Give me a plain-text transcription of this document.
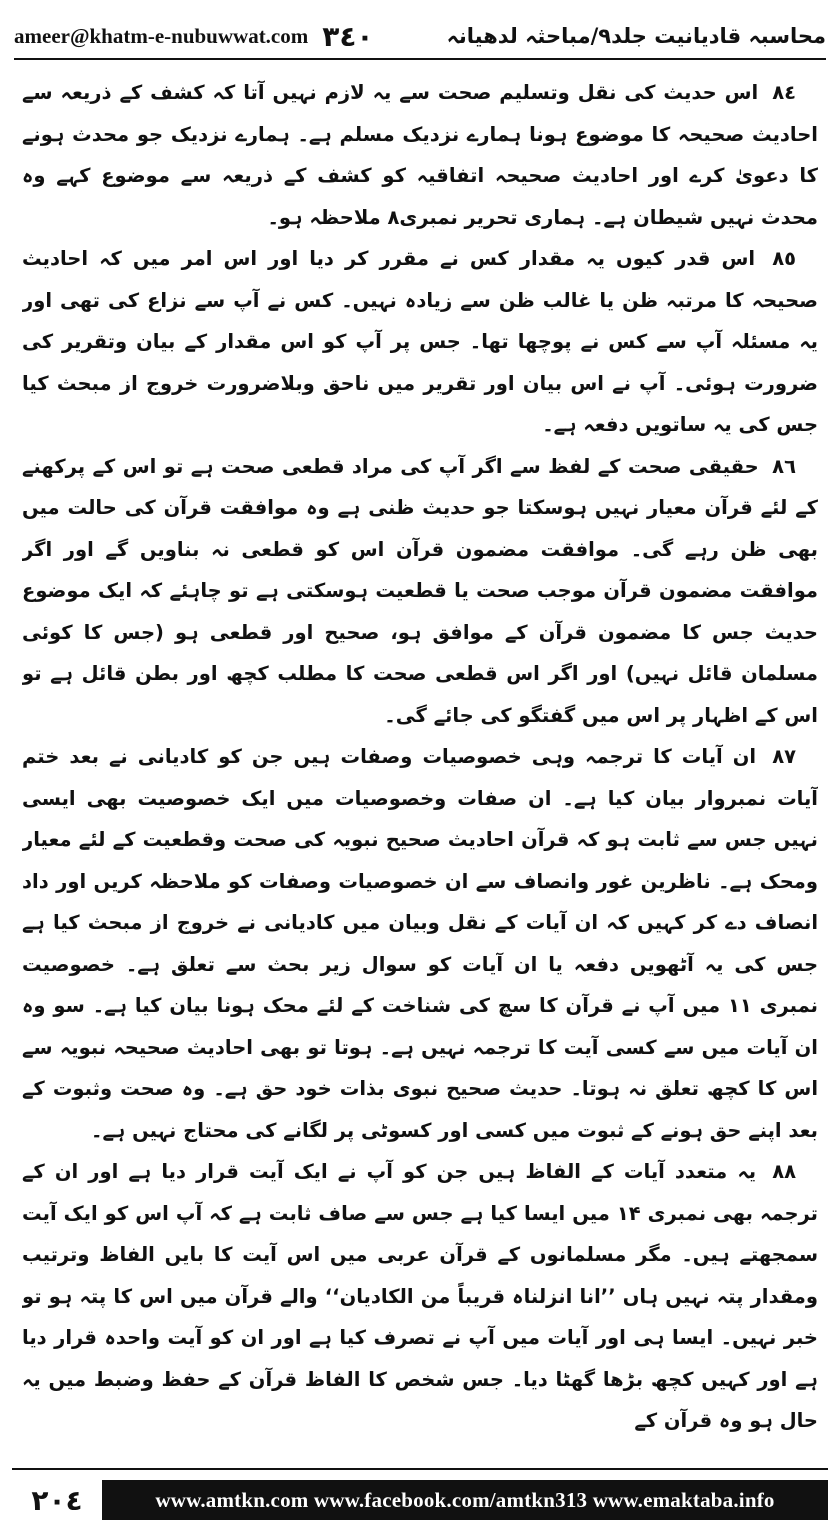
ameer@khatm-e-nubuwwat.com ٣٤٠	محاسبہ قادیانیت جلد۹/مباحثہ لدھیانہ

٨٤ اس حدیث کی نقل وتسلیم صحت سے یہ لازم نہیں آتا کہ کشف کے ذریعہ سے احادیث صحیحہ کا موضوع ہونا ہمارے نزدیک مسلم ہے۔ ہمارے نزدیک جو محدث ہونے کا دعویٰ کرے اور احادیث صحیحہ اتفاقیہ کو کشف کے ذریعہ سے موضوع کہے وہ محدث نہیں شیطان ہے۔ ہماری تحریر نمبری۸ ملاحظہ ہو۔

٨٥ اس قدر کیوں یہ مقدار کس نے مقرر کر دیا اور اس امر میں کہ احادیث صحیحہ کا مرتبہ ظن یا غالب ظن سے زیادہ نہیں۔ کس نے آپ سے نزاع کی تھی اور یہ مسئلہ آپ سے کس نے پوچھا تھا۔ جس پر آپ کو اس مقدار کے بیان وتقریر کی ضرورت ہوئی۔ آپ نے اس بیان اور تقریر میں ناحق وبلاضرورت خروج از مبحث کیا جس کی یہ ساتویں دفعہ ہے۔

٨٦ حقیقی صحت کے لفظ سے اگر آپ کی مراد قطعی صحت ہے تو اس کے پرکھنے کے لئے قرآن معیار نہیں ہوسکتا جو حدیث ظنی ہے وہ موافقت قرآن کی حالت میں بھی ظن رہے گی۔ موافقت مضمون قرآن اس کو قطعی نہ بناویں گے اور اگر موافقت مضمون قرآن موجب صحت یا قطعیت ہوسکتی ہے تو چاہئے کہ ایک موضوع حدیث جس کا مضمون قرآن کے موافق ہو، صحیح اور قطعی ہو (جس کا کوئی مسلمان قائل نہیں) اور اگر اس قطعی صحت کا مطلب کچھ اور بطن قائل ہے تو اس کے اظہار پر اس میں گفتگو کی جائے گی۔

٨٧ ان آیات کا ترجمہ وہی خصوصیات وصفات ہیں جن کو کادیانی نے بعد ختم آیات نمبروار بیان کیا ہے۔ ان صفات وخصوصیات میں ایک خصوصیت بھی ایسی نہیں جس سے ثابت ہو کہ قرآن احادیث صحیح نبویہ کی صحت وقطعیت کے لئے معیار ومحک ہے۔ ناظرین غور وانصاف سے ان خصوصیات وصفات کو ملاحظہ کریں اور داد انصاف دے کر کہیں کہ ان آیات کے نقل وبیان میں کادیانی نے خروج از مبحث کیا ہے جس کی یہ آٹھویں دفعہ یا ان آیات کو سوال زیر بحث سے تعلق ہے۔ خصوصیت نمبری ۱۱ میں آپ نے قرآن کا سچ کی شناخت کے لئے محک ہونا بیان کیا ہے۔ سو وہ ان آیات میں سے کسی آیت کا ترجمہ نہیں ہے۔ ہوتا تو بھی احادیث صحیحہ نبویہ سے اس کا کچھ تعلق نہ ہوتا۔ حدیث صحیح نبوی بذات خود حق ہے۔ وہ صحت وثبوت کے بعد اپنے حق ہونے کے ثبوت میں کسی اور کسوٹی پر لگانے کی محتاج نہیں ہے۔

٨٨ یہ متعدد آیات کے الفاظ ہیں جن کو آپ نے ایک آیت قرار دیا ہے اور ان کے ترجمہ بھی نمبری ۱۴ میں ایسا کیا ہے جس سے صاف ثابت ہے کہ آپ اس کو ایک آیت سمجھتے ہیں۔ مگر مسلمانوں کے قرآن عربی میں اس آیت کا بایں الفاظ وترتیب ومقدار پتہ نہیں ہاں ’’انا انزلناہ قریباً من الکادیان‘‘ والے قرآن میں اس کا پتہ ہو تو خبر نہیں۔ ایسا ہی اور آیات میں آپ نے تصرف کیا ہے اور ان کو آیت واحدہ قرار دیا ہے اور کہیں کچھ بڑھا گھٹا دیا۔ جس شخص کا الفاظ قرآن کے حفظ وضبط میں یہ حال ہو وہ قرآن کے

٢٠٤	www.amtkn.com www.facebook.com/amtkn313 www.emaktaba.info
